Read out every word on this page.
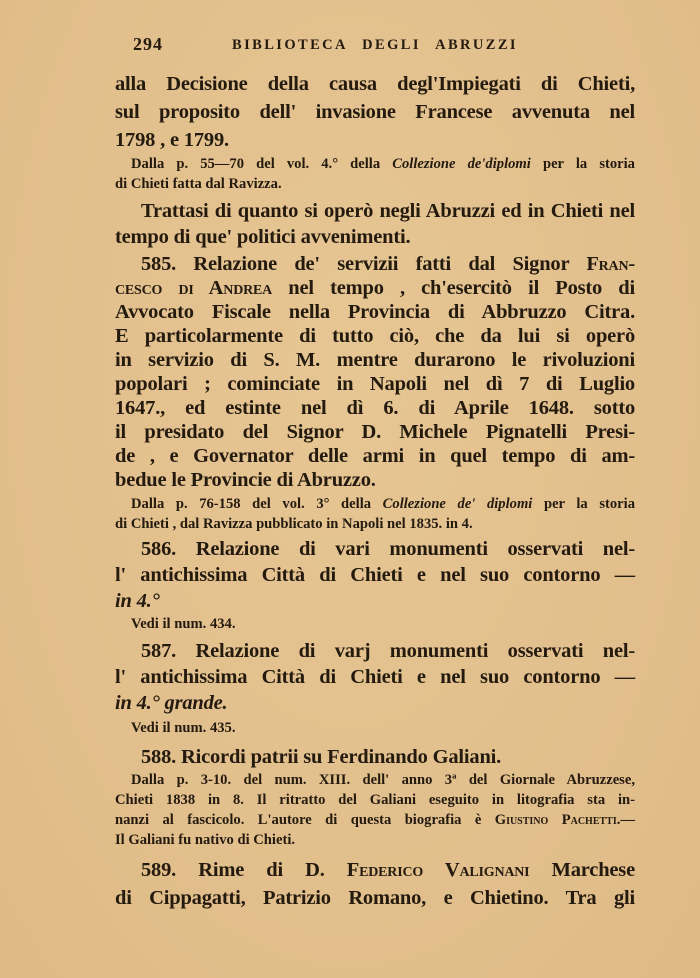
294	BIBLIOTECA DEGLI ABRUZZI
alla Decisione della causa degl'Impiegati di Chieti,
sul proposito dell' invasione Francese avvenuta nel
1798 , e 1799.
Dalla p. 55—70 del vol. 4.° della Collezione de'diplomi per la storia
di Chieti fatta dal Ravizza.
Trattasi di quanto si operò negli Abruzzi ed in Chieti nel
tempo di que' politici avvenimenti.
585. Relazione de' servizii fatti dal Signor Fran-
cesco di Andrea nel tempo , ch'esercitò il Posto di
Avvocato Fiscale nella Provincia di Abbruzzo Citra.
E particolarmente di tutto ciò, che da lui si operò
in servizio di S. M. mentre durarono le rivoluzioni
popolari ; cominciate in Napoli nel dì 7 di Luglio
1647., ed estinte nel dì 6. di Aprile 1648. sotto
il presidato del Signor D. Michele Pignatelli Presi-
de , e Governator delle armi in quel tempo di am-
bedue le Provincie di Abruzzo.
Dalla p. 76-158 del vol. 3° della Collezione de' diplomi per la storia
di Chieti , dal Ravizza pubblicato in Napoli nel 1835. in 4.
586. Relazione di vari monumenti osservati nel-
l' antichissima Città di Chieti e nel suo contorno —
in 4.°
Vedi il num. 434.
587. Relazione di varj monumenti osservati nel-
l' antichissima Città di Chieti e nel suo contorno —
in 4.° grande.
Vedi il num. 435.
588. Ricordi patrii su Ferdinando Galiani.
Dalla p. 3-10. del num. XIII. dell' anno 3ª del Giornale Abruzzese,
Chieti 1838 in 8. Il ritratto del Galiani eseguito in litografia sta in-
nanzi al fascicolo. L'autore di questa biografia è Giustino Pachetti.—
Il Galiani fu nativo di Chieti.
589. Rime di D. Federico Valignani Marchese
di Cippagatti, Patrizio Romano, e Chietino. Tra gli
